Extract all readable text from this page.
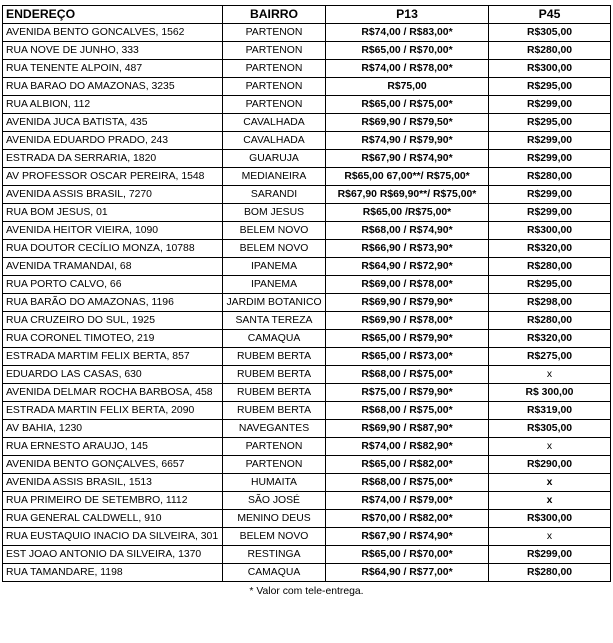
ENDEREÇO	BAIRRO	P13	P45
AVENIDA BENTO GONCALVES, 1562	PARTENON	R$74,00 / R$83,00*	R$305,00
RUA NOVE DE JUNHO, 333	PARTENON	R$65,00 / R$70,00*	R$280,00
RUA TENENTE ALPOIN, 487	PARTENON	R$74,00 / R$78,00*	R$300,00
RUA BARAO DO AMAZONAS, 3235	PARTENON	R$75,00	R$295,00
RUA ALBION, 112	PARTENON	R$65,00 / R$75,00*	R$299,00
AVENIDA JUCA BATISTA, 435	CAVALHADA	R$69,90 / R$79,50*	R$295,00
AVENIDA EDUARDO PRADO, 243	CAVALHADA	R$74,90 / R$79,90*	R$299,00
ESTRADA DA SERRARIA, 1820	GUARUJA	R$67,90 / R$74,90*	R$299,00
AV PROFESSOR OSCAR PEREIRA, 1548	MEDIANEIRA	R$65,00 67,00**/ R$75,00*	R$280,00
AVENIDA ASSIS BRASIL, 7270	SARANDI	R$67,90 R$69,90**/ R$75,00*	R$299,00
RUA BOM JESUS, 01	BOM JESUS	R$65,00 /R$75,00*	R$299,00
AVENIDA HEITOR VIEIRA, 1090	BELEM NOVO	R$68,00 / R$74,90*	R$300,00
RUA DOUTOR CECÍLIO MONZA, 10788	BELEM NOVO	R$66,90 / R$73,90*	R$320,00
AVENIDA TRAMANDAI, 68	IPANEMA	R$64,90 / R$72,90*	R$280,00
RUA PORTO CALVO, 66	IPANEMA	R$69,00 / R$78,00*	R$295,00
RUA BARÃO DO AMAZONAS, 1196	JARDIM BOTANICO	R$69,90 / R$79,90*	R$298,00
RUA CRUZEIRO DO SUL, 1925	SANTA TEREZA	R$69,90 / R$78,00*	R$280,00
RUA CORONEL TIMOTEO, 219	CAMAQUA	R$65,00 / R$79,90*	R$320,00
ESTRADA MARTIM FELIX BERTA, 857	RUBEM BERTA	R$65,00 / R$73,00*	R$275,00
EDUARDO LAS CASAS, 630	RUBEM BERTA	R$68,00 / R$75,00*	x
AVENIDA DELMAR ROCHA BARBOSA, 458	RUBEM BERTA	R$75,00 / R$79,90*	R$ 300,00
ESTRADA MARTIN FELIX BERTA, 2090	RUBEM BERTA	R$68,00 / R$75,00*	R$319,00
AV BAHIA, 1230	NAVEGANTES	R$69,90 / R$87,90*	R$305,00
RUA ERNESTO ARAUJO, 145	PARTENON	R$74,00 / R$82,90*	x
AVENIDA BENTO GONÇALVES, 6657	PARTENON	R$65,00 / R$82,00*	R$290,00
AVENIDA ASSIS BRASIL, 1513	HUMAITA	R$68,00 / R$75,00*	x
RUA PRIMEIRO DE SETEMBRO, 1112	SÃO JOSÉ	R$74,00 / R$79,00*	x
RUA GENERAL CALDWELL, 910	MENINO DEUS	R$70,00 / R$82,00*	R$300,00
RUA EUSTAQUIO INACIO DA SILVEIRA, 301	BELEM NOVO	R$67,90 / R$74,90*	x
EST JOAO ANTONIO DA SILVEIRA, 1370	RESTINGA	R$65,00 / R$70,00*	R$299,00
RUA TAMANDARE, 1198	CAMAQUA	R$64,90 / R$77,00*	R$280,00
* Valor com tele-entrega.			
